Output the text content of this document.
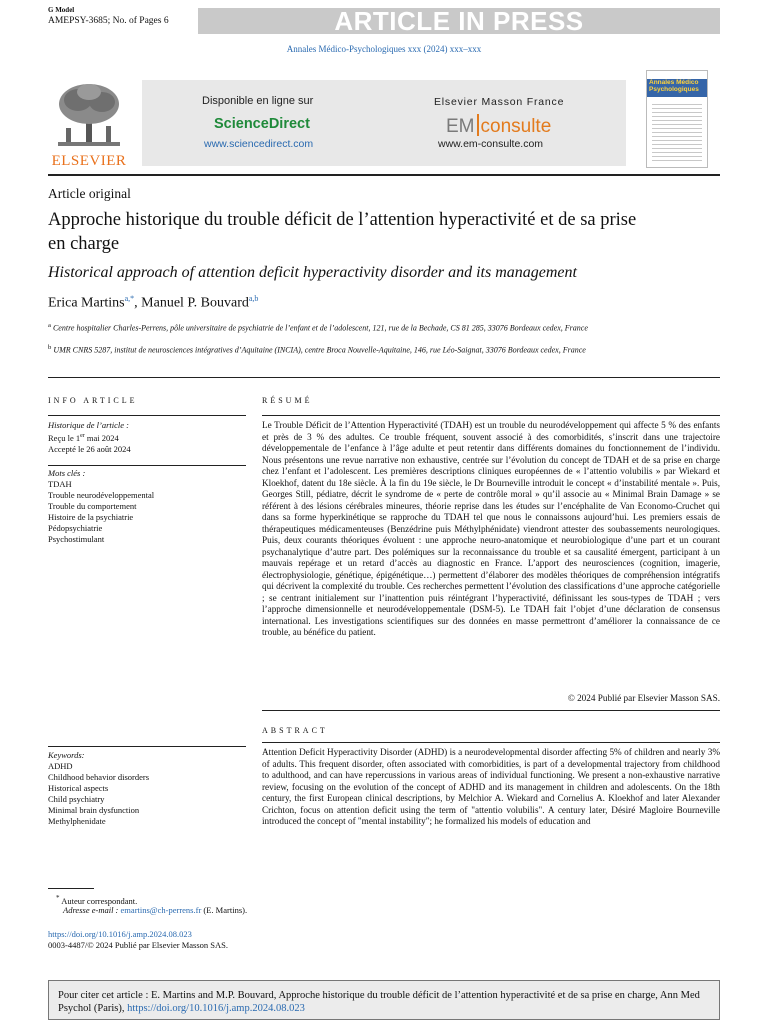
G Model
AMEPSY-3685; No. of Pages 6	ARTICLE IN PRESS
Annales Médico-Psychologiques xxx (2024) xxx–xxx
ELSEVIER
Disponible en ligne sur
ScienceDirect
www.sciencedirect.com
Elsevier Masson France
EM consulte
www.em-consulte.com
Annales Médico Psychologiques
Article original
Approche historique du trouble déficit de l’attention hyperactivité et de sa prise en charge
Historical approach of attention deficit hyperactivity disorder and its management
Erica Martins$^{a,*}$, Manuel P. Bouvard$^{a,b}$
$^a$ Centre hospitalier Charles-Perrens, pôle universitaire de psychiatrie de l’enfant et de l’adolescent, 121, rue de la Bechade, CS 81 285, 33076 Bordeaux cedex, France
$^b$ UMR CNRS 5287, institut de neurosciences intégratives d’Aquitaine (INCIA), centre Broca Nouvelle-Aquitaine, 146, rue Léo-Saignat, 33076 Bordeaux cedex, France
INFO ARTICLE
Historique de l’article :
Reçu le 1er mai 2024
Accepté le 26 août 2024
Mots clés :
TDAH
Trouble neurodéveloppemental
Trouble du comportement
Histoire de la psychiatrie
Pédopsychiatrie
Psychostimulant
Keywords:
ADHD
Childhood behavior disorders
Historical aspects
Child psychiatry
Minimal brain dysfunction
Methylphenidate
RÉSUMÉ
Le Trouble Déficit de l’Attention Hyperactivité (TDAH) est un trouble du neurodéveloppement qui affecte 5 % des enfants et près de 3 % des adultes. Ce trouble fréquent, souvent associé à des comorbidités, s’inscrit dans une trajectoire développementale de l’enfance à l’âge adulte et peut retentir dans différents domaines du fonctionnement de l’individu. Nous présentons une revue narrative non exhaustive, centrée sur l’évolution du concept de TDAH et de sa prise en charge chez l’enfant et l’adolescent. Les premières descriptions cliniques européennes de « l’attentio volubilis » par Wiekard et Kloekhof, datent du 18e siècle. À la fin du 19e siècle, le Dr Bourneville introduit le concept « d’instabilité mentale ». Puis, Georges Still, pédiatre, décrit le syndrome de « perte de contrôle moral » qu’il associe au « Minimal Brain Damage » se référent à des lésions cérébrales mineures, théorie reprise dans les études sur l’encéphalite de Van Economo-Cruchet qui dans sa forme hyperkinétique se rapproche du TDAH tel que nous le connaissons aujourd’hui. Les premiers essais de thérapeutiques médicamenteuses (Benzédrine puis Méthylphénidate) viendront attester des soubassements neurologiques. Puis, deux courants théoriques évoluent : une approche neuro-anatomique et neurobiologique d’une part et un courant psychanalytique d’autre part. Des polémiques sur la reconnaissance du trouble et sa causalité émergent, participant à un mauvais repérage et un retard d’accès au diagnostic en France. L’apport des neurosciences (cognition, imagerie, électrophysiologie, génétique, épigénétique…) permettent d’élaborer des modèles théoriques de compréhension intégratifs qui décrivent la complexité du trouble. Ces recherches permettent l’évolution des classifications d’une approche catégorielle ; se centrant initialement sur l’inattention puis réintégrant l’hyperactivité, définissant les sous-types de TDAH ; vers l’approche dimensionnelle et neurodéveloppementale (DSM-5). Le TDAH fait l’objet d’une déclaration de consensus international. Les investigations scientifiques sur des données en masse permettront d’améliorer la connaissance de ce trouble, au bénéfice du patient.
© 2024 Publié par Elsevier Masson SAS.
ABSTRACT
Attention Deficit Hyperactivity Disorder (ADHD) is a neurodevelopmental disorder affecting 5% of children and nearly 3% of adults. This frequent disorder, often associated with comorbidities, is part of a developmental trajectory from childhood to adulthood, and can have repercussions in various areas of individual functioning. We present a non-exhaustive narrative review, focusing on the evolution of the concept of ADHD and its management in children and adolescents. On the 18th century, the first European clinical descriptions, by Melchior A. Wiekard and Cornelius A. Kloekhof and later Alexander Crichton, focus on attention deficit using the term of "attentio volubilis". A century later, Désiré Magloire Bourneville introduced the concept of "mental instability"; he formalized his models of education and
* Auteur correspondant.
Adresse e-mail : emartins@ch-perrens.fr (E. Martins).
https://doi.org/10.1016/j.amp.2024.08.023
0003-4487/© 2024 Publié par Elsevier Masson SAS.
Pour citer cet article : E. Martins and M.P. Bouvard, Approche historique du trouble déficit de l’attention hyperactivité et de sa prise en charge, Ann Med Psychol (Paris), https://doi.org/10.1016/j.amp.2024.08.023
